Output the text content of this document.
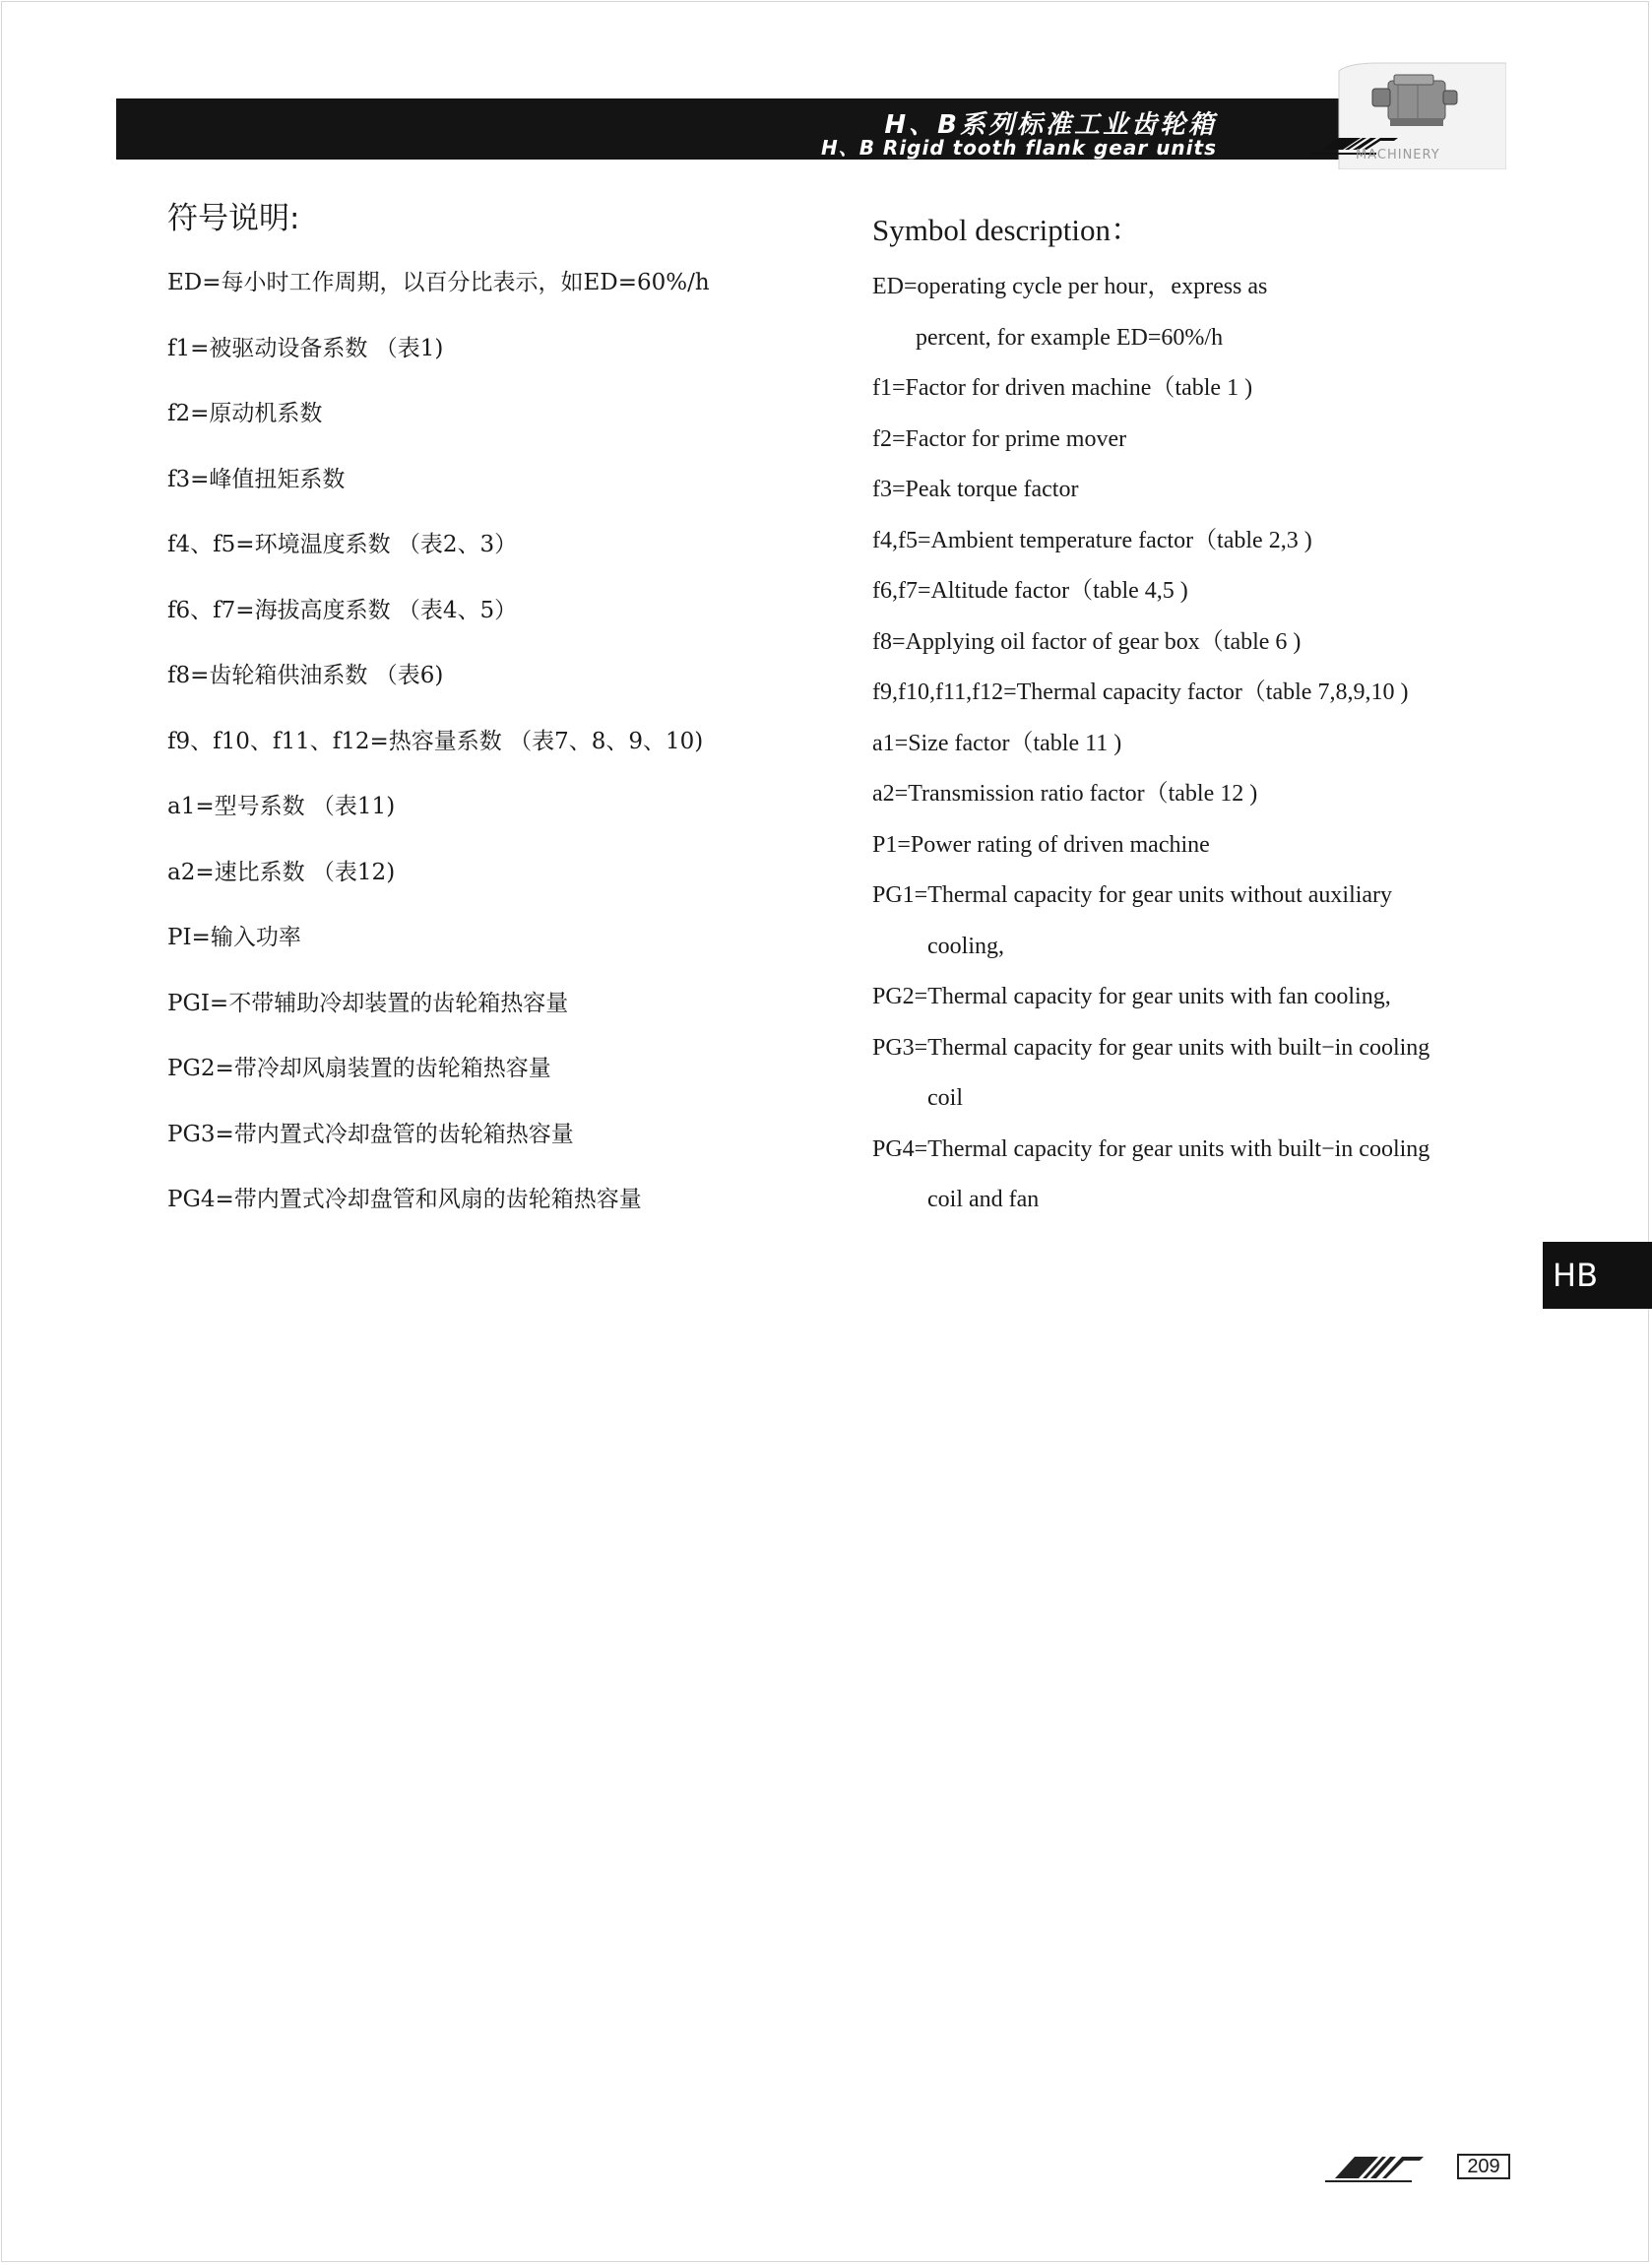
H、B系列标准工业齿轮箱
H、B Rigid tooth flank gear units	MACHINERY
符号说明:
ED=每小时工作周期，以百分比表示，如ED=60%/h
f1=被驱动设备系数 （表1)
f2=原动机系数
f3=峰值扭矩系数
f4、f5=环境温度系数 （表2、3）
f6、f7=海拔高度系数 （表4、5）
f8=齿轮箱供油系数 （表6)
f9、f10、f11、f12=热容量系数 （表7、8、9、10)
a1=型号系数 （表11)
a2=速比系数 （表12)
PI=输入功率
PGI=不带辅助冷却装置的齿轮箱热容量
PG2=带冷却风扇装置的齿轮箱热容量
PG3=带内置式冷却盘管的齿轮箱热容量
PG4=带内置式冷却盘管和风扇的齿轮箱热容量
Symbol description：
ED=operating cycle per hour，express as
percent, for example ED=60%/h
f1=Factor for driven machine（table 1 )
f2=Factor for prime mover
f3=Peak torque factor
f4,f5=Ambient temperature factor（table 2,3 )
f6,f7=Altitude factor（table 4,5 )
f8=Applying oil factor of gear box（table 6 )
f9,f10,f11,f12=Thermal capacity factor（table 7,8,9,10 )
a1=Size factor（table 11 )
a2=Transmission ratio factor（table 12 )
P1=Power rating of driven machine
PG1=Thermal capacity for gear units without auxiliary
cooling,
PG2=Thermal capacity for gear units with fan cooling,
PG3=Thermal capacity for gear units with built−in cooling
coil
PG4=Thermal capacity for gear units with built−in cooling
coil and fan
HB
209
